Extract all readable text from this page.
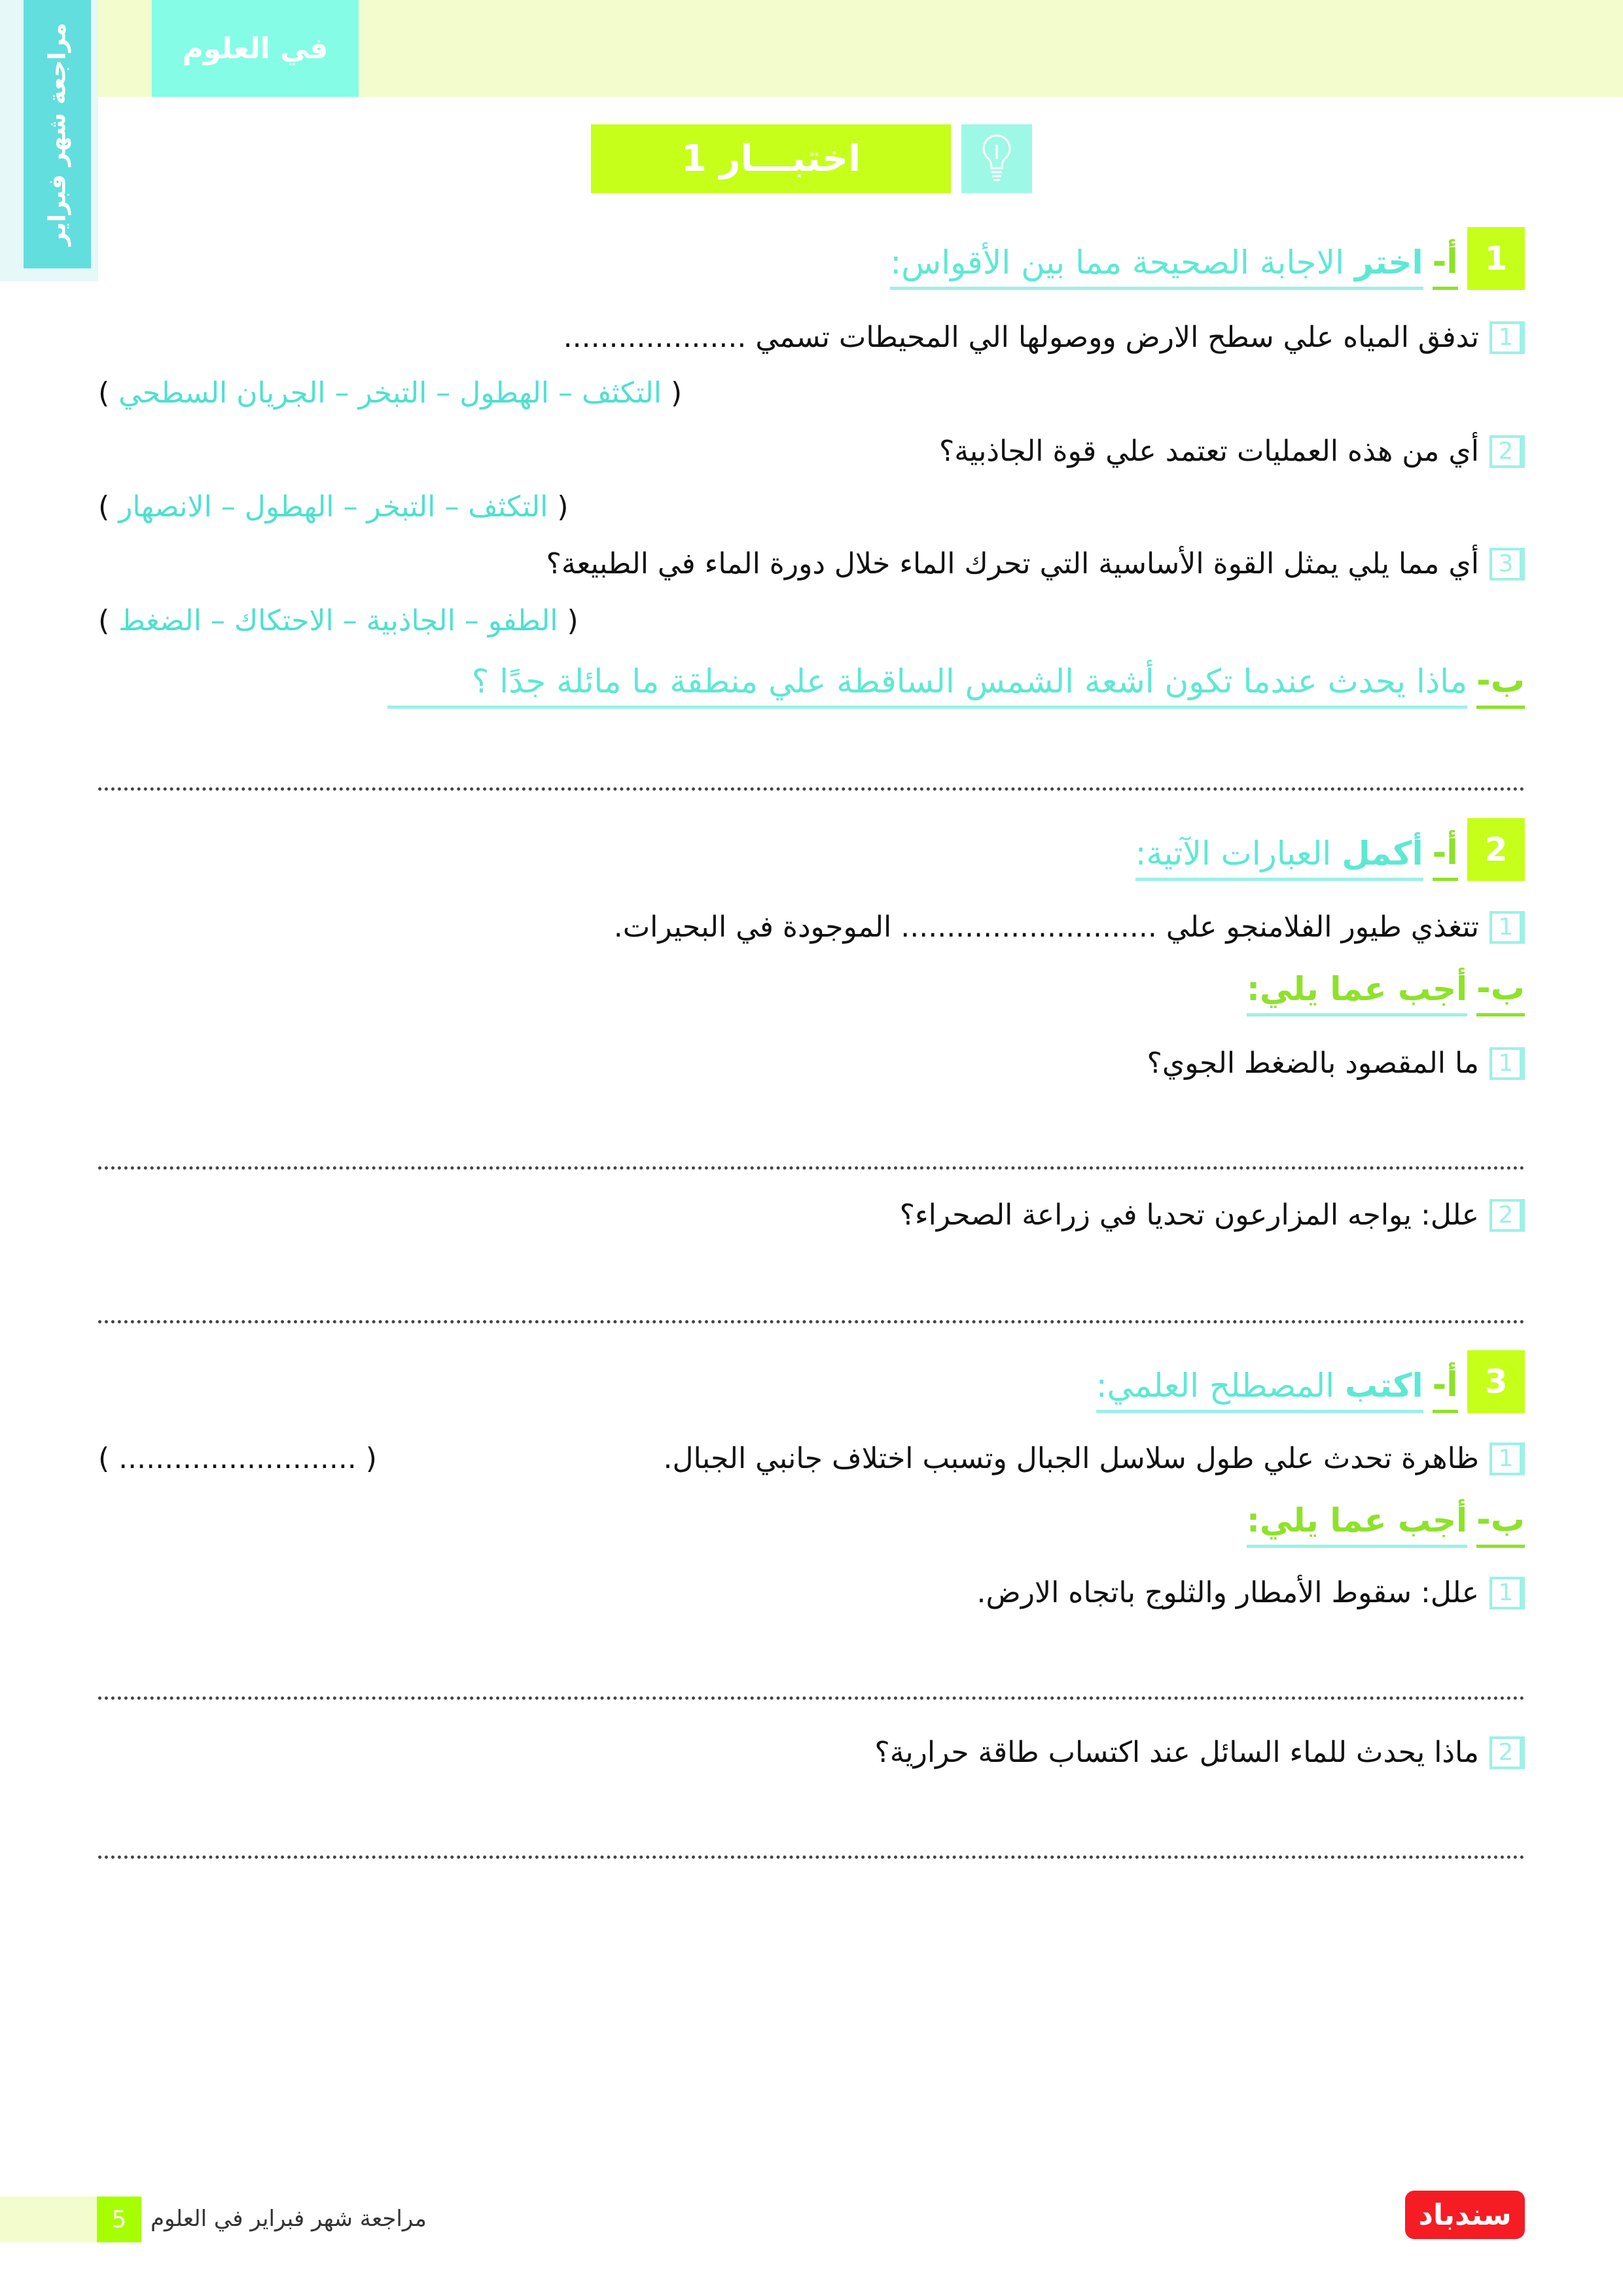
في العلوم
مراجعة شهر فبراير	اختبـــار 1
1
أ-
اختر الاجابة الصحيحة مما بين الأقواس:
1
تدفق المياه علي سطح الارض ووصولها الي المحيطات تسمي ....................
( التكثف – الهطول – التبخر – الجريان السطحي )
2
أي من هذه العمليات تعتمد علي قوة الجاذبية؟
( التكثف – التبخر – الهطول – الانصهار )
3
أي مما يلي يمثل القوة الأساسية التي تحرك الماء خلال دورة الماء في الطبيعة؟
( الطفو – الجاذبية – الاحتكاك – الضغط )
ب-
ماذا يحدث عندما تكون أشعة الشمس الساقطة علي منطقة ما مائلة جدًا ؟
2
أ-
أكمل العبارات الآتية:
1
تتغذي طيور الفلامنجو علي ............................ الموجودة في البحيرات.
ب-
أجب عما يلي:
1
ما المقصود بالضغط الجوي؟
2
علل: يواجه المزارعون تحديا في زراعة الصحراء؟
3
أ-
اكتب المصطلح العلمي:
1
ظاهرة تحدث علي طول سلاسل الجبال وتسبب اختلاف جانبي الجبال.
( .......................... )
ب-
أجب عما يلي:
1
علل: سقوط الأمطار والثلوج باتجاه الارض.
2
ماذا يحدث للماء السائل عند اكتساب طاقة حرارية؟
5	مراجعة شهر فبراير في العلوم	سندباد
